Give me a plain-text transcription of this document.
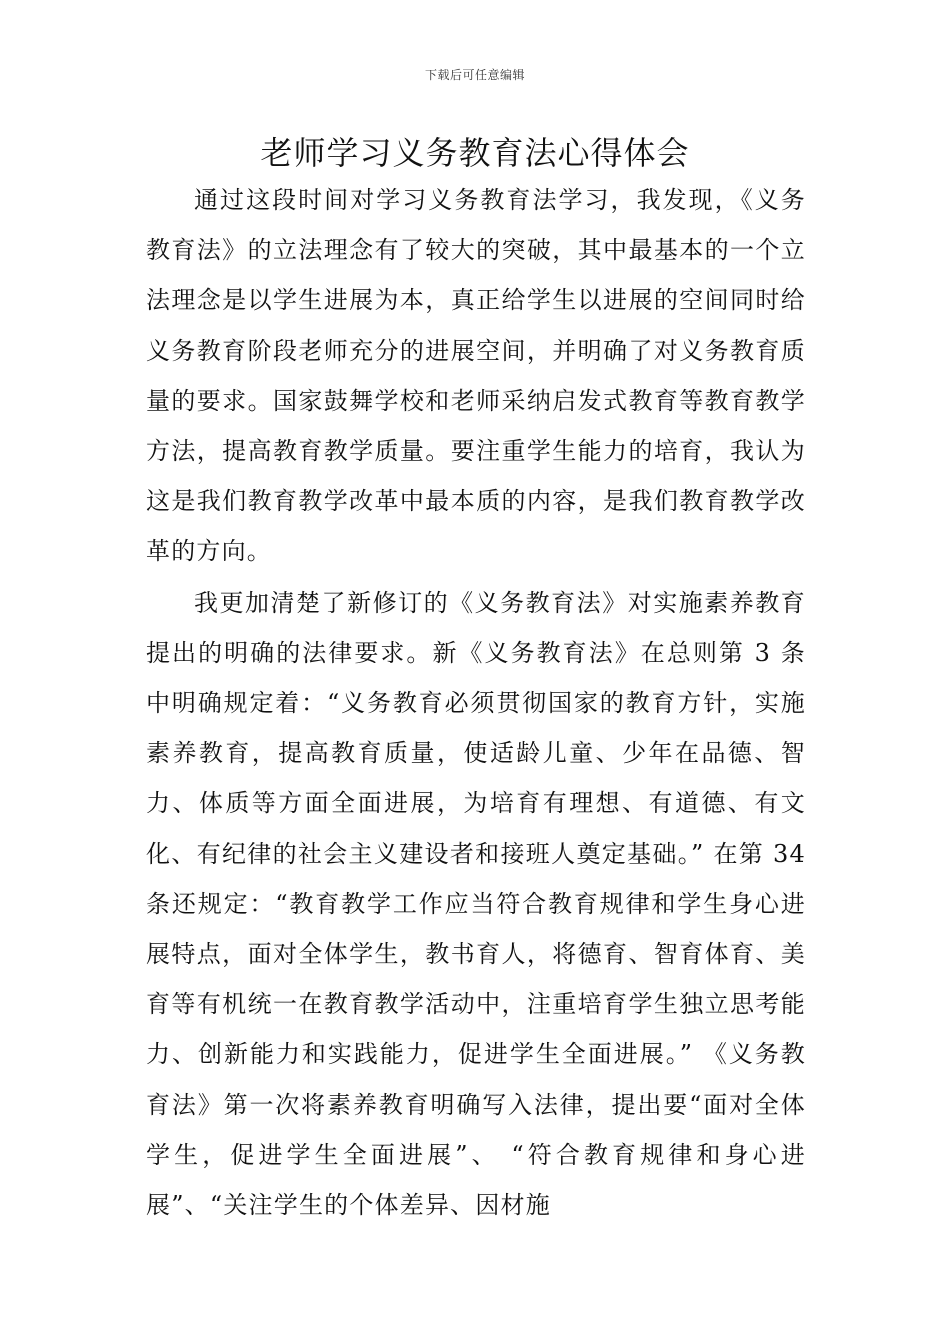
下载后可任意编辑
老师学习义务教育法心得体会

通过这段时间对学习义务教育法学习，我发现，《义务教育法》的立法理念有了较大的突破，其中最基本的一个立法理念是以学生进展为本，真正给学生以进展的空间同时给义务教育阶段老师充分的进展空间，并明确了对义务教育质量的要求。国家鼓舞学校和老师采纳启发式教育等教育教学方法，提高教育教学质量。要注重学生能力的培育，我认为这是我们教育教学改革中最本质的内容，是我们教育教学改革的方向。

我更加清楚了新修订的《义务教育法》对实施素养教育提出的明确的法律要求。新《义务教育法》在总则第 3 条中明确规定着：“义务教育必须贯彻国家的教育方针，实施素养教育，提高教育质量，使适龄儿童、少年在品德、智力、体质等方面全面进展，为培育有理想、有道德、有文化、有纪律的社会主义建设者和接班人奠定基础。” 在第 34 条还规定：“教育教学工作应当符合教育规律和学生身心进展特点，面对全体学生，教书育人，将德育、智育体育、美育等有机统一在教育教学活动中，注重培育学生独立思考能力、创新能力和实践能力，促进学生全面进展。” 《义务教育法》第一次将素养教育明确写入法律，提出要“面对全体学生，促进学生全面进展”、 “符合教育规律和身心进展”、“关注学生的个体差异、因材施
